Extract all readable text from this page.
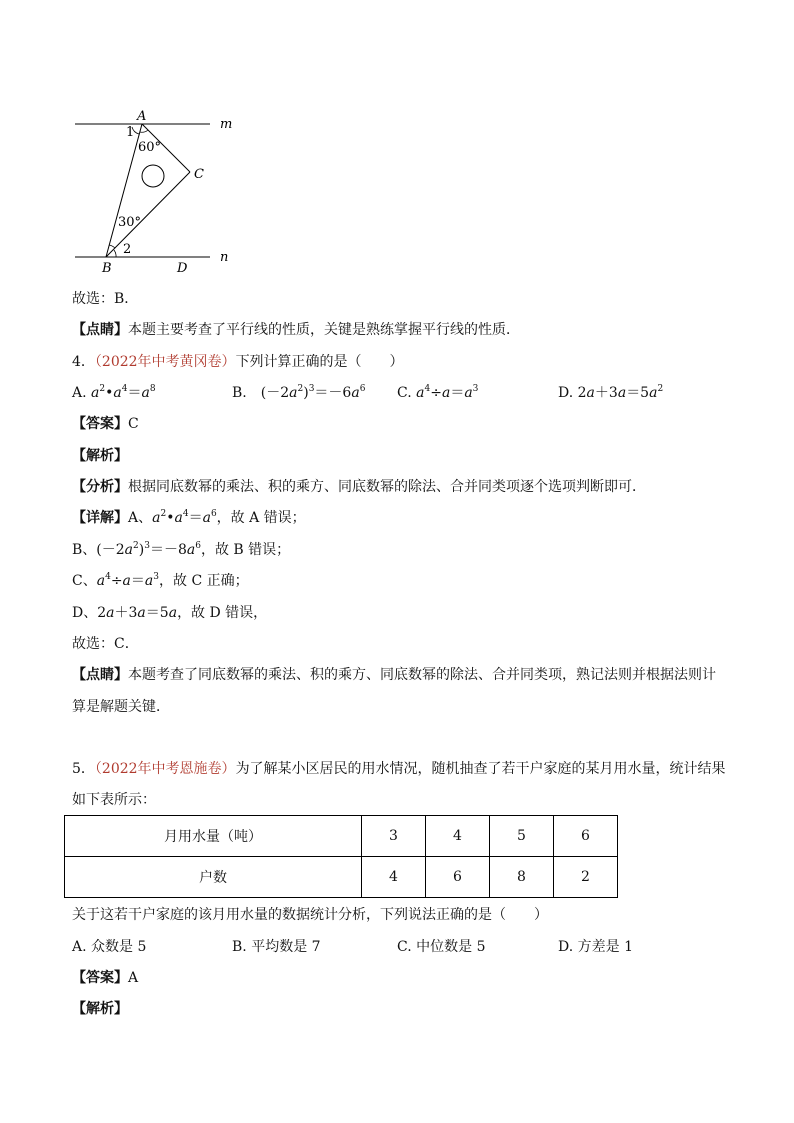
A
m
1
60°
C
30°
2
n
B	D
故选：B．
【点睛】本题主要考查了平行线的性质，关键是熟练掌握平行线的性质．
4．（2022年中考黄冈卷）下列计算正确的是（　　）
A. $a^2•a^4=a^8$	B.　$(-2a^2)^3=-6a^6$ C. $a^4\div a=a^3$	D. $2a+3a=5a^2$
【答案】C
【解析】
【分析】根据同底数幂的乘法、积的乘方、同底数幂的除法、合并同类项逐个选项判断即可．
【详解】A、$a^2•a^4=a^6$，故 A 错误；
B、$(-2a^2)^3=-8a^6$，故 B 错误；
C、$a^4\div a=a^3$，故 C 正确；
D、2a＋3a＝5a，故 D 错误，
故选：C．
【点睛】本题考查了同底数幂的乘法、积的乘方、同底数幂的除法、合并同类项，熟记法则并根据法则计
算是解题关键．
5．（2022年中考恩施卷）为了解某小区居民的用水情况，随机抽查了若干户家庭的某月用水量，统计结果
如下表所示：
月用水量（吨）	3	4	5	6
户数	4	6	8	2
关于这若干户家庭的该月用水量的数据统计分析，下列说法正确的是（　　）
A. 众数是 5	B. 平均数是 7	C. 中位数是 5	D. 方差是 1
【答案】A
【解析】
